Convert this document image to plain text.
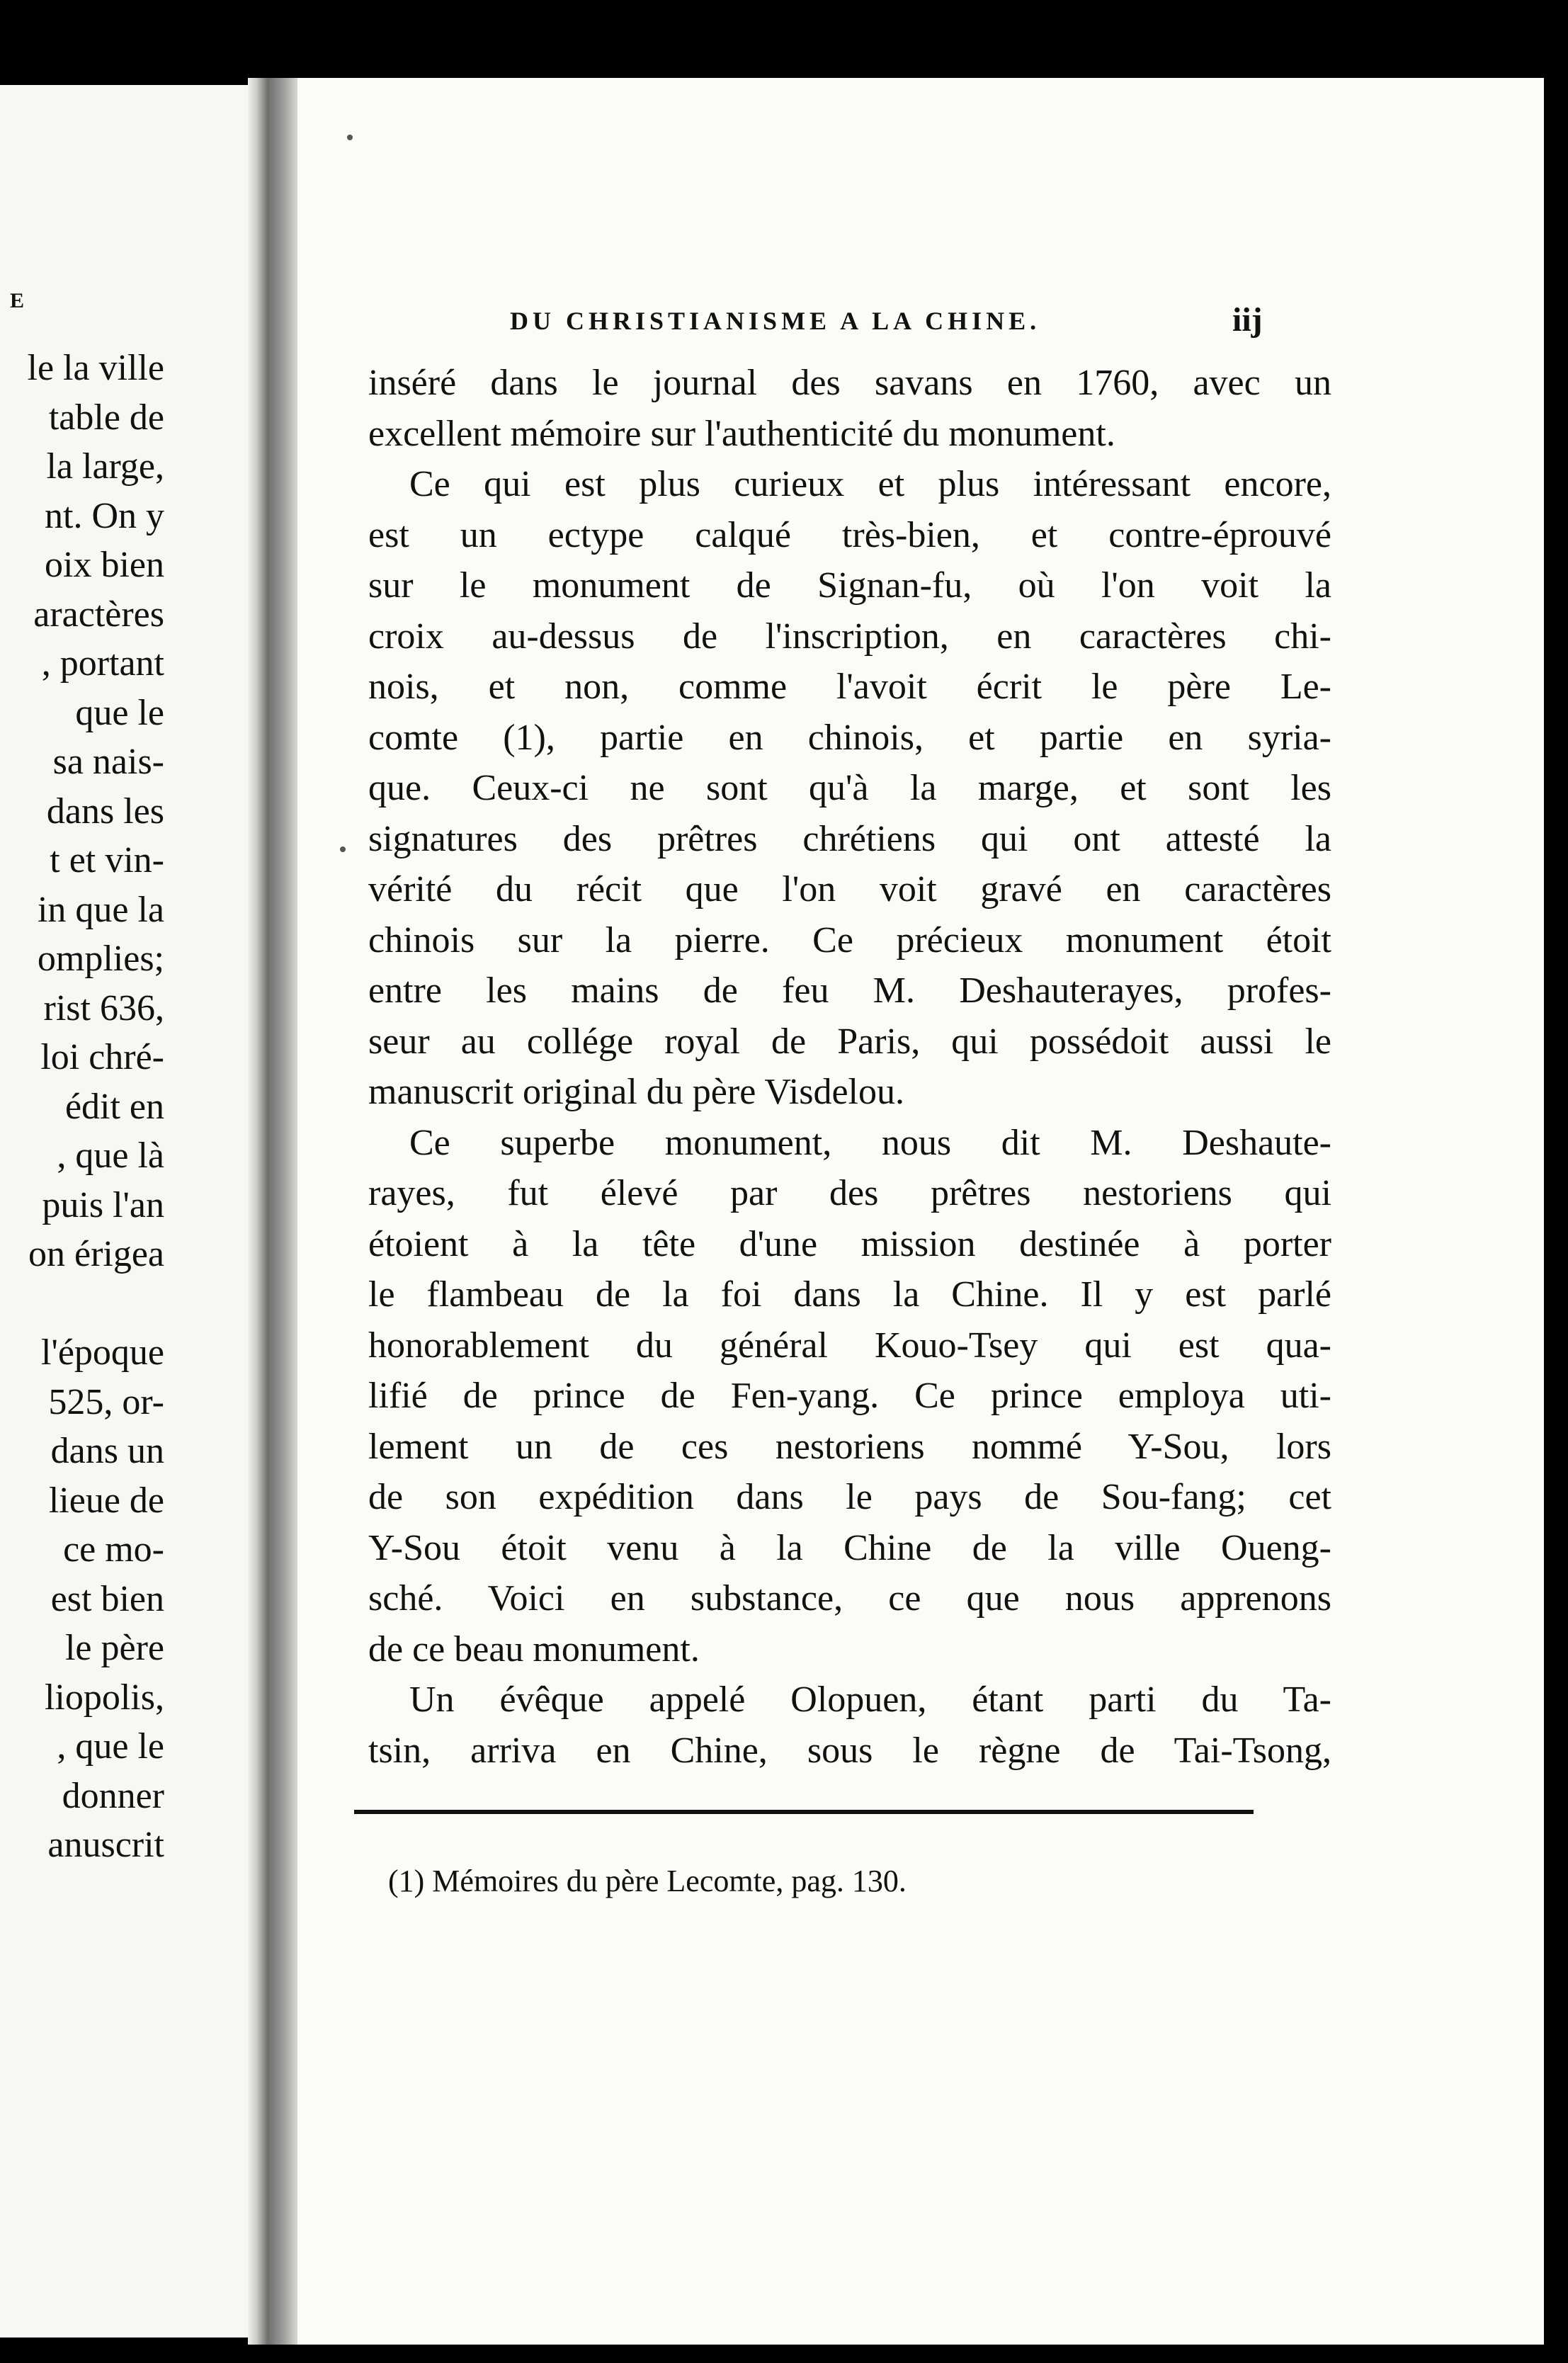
E
le la ville
table de
la large,
nt. On y
oix bien
aractères
, portant
que le
sa nais-
dans les
t et vin-
in que la
omplies;
rist 636,
loi chré-
édit en
, que là
puis l'an
on érigea
l'époque
525, or-
dans un
lieue de
ce mo-
est bien
le père
liopolis,
, que le
donner
anuscrit
DU CHRISTIANISME A LA CHINE.	iij
inséré dans le journal des savans en 1760, avec un
excellent mémoire sur l'authenticité du monument.
Ce qui est plus curieux et plus intéressant encore,
est un ectype calqué très-bien, et contre-éprouvé
sur le monument de Signan-fu, où l'on voit la
croix au-dessus de l'inscription, en caractères chi-
nois, et non, comme l'avoit écrit le père Le-
comte (1), partie en chinois, et partie en syria-
que. Ceux-ci ne sont qu'à la marge, et sont les
signatures des prêtres chrétiens qui ont attesté la
vérité du récit que l'on voit gravé en caractères
chinois sur la pierre. Ce précieux monument étoit
entre les mains de feu M. Deshauterayes, profes-
seur au collége royal de Paris, qui possédoit aussi le
manuscrit original du père Visdelou.
Ce superbe monument, nous dit M. Deshaute-
rayes, fut élevé par des prêtres nestoriens qui
étoient à la tête d'une mission destinée à porter
le flambeau de la foi dans la Chine. Il y est parlé
honorablement du général Kouo-Tsey qui est qua-
lifié de prince de Fen-yang. Ce prince employa uti-
lement un de ces nestoriens nommé Y-Sou, lors
de son expédition dans le pays de Sou-fang; cet
Y-Sou étoit venu à la Chine de la ville Oueng-
sché. Voici en substance, ce que nous apprenons
de ce beau monument.
Un évêque appelé Olopuen, étant parti du Ta-
tsin, arriva en Chine, sous le règne de Tai-Tsong,
(1) Mémoires du père Lecomte, pag. 130.
